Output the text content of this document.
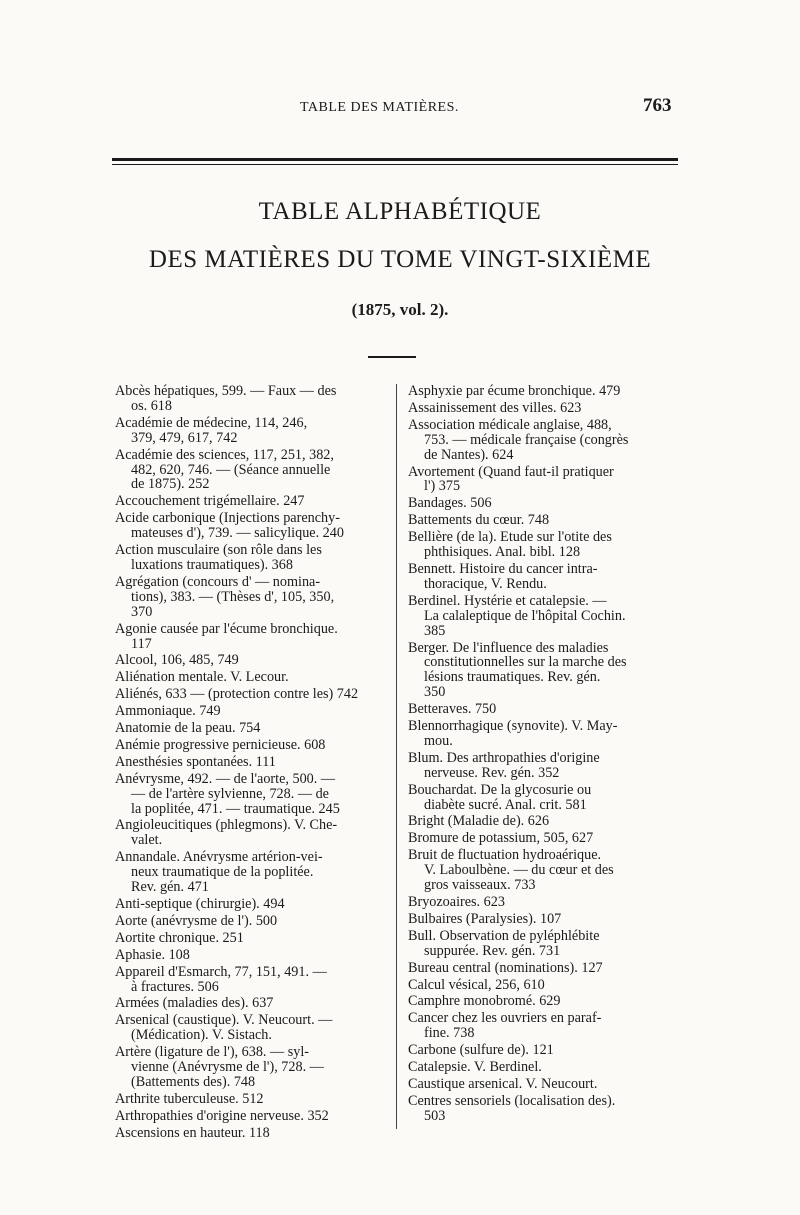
TABLE DES MATIÈRES.	763
TABLE ALPHABÉTIQUE
DES MATIÈRES DU TOME VINGT-SIXIÈME
(1875, vol. 2).
Abcès hépatiques, 599. — Faux — des
os. 618
Académie de médecine, 114, 246,
379, 479, 617, 742
Académie des sciences, 117, 251, 382,
482, 620, 746. — (Séance annuelle
de 1875). 252
Accouchement trigémellaire. 247
Acide carbonique (Injections parenchy-
mateuses d'), 739. — salicylique. 240
Action musculaire (son rôle dans les
luxations traumatiques). 368
Agrégation (concours d' — nomina-
tions), 383. — (Thèses d', 105, 350,
370
Agonie causée par l'écume bronchique.
117
Alcool, 106, 485, 749
Aliénation mentale. V. Lecour.
Aliénés, 633 — (protection contre les) 742
Ammoniaque. 749
Anatomie de la peau. 754
Anémie progressive pernicieuse. 608
Anesthésies spontanées. 111
Anévrysme, 492. — de l'aorte, 500. —
— de l'artère sylvienne, 728. — de
la poplitée, 471. — traumatique. 245
Angioleucitiques (phlegmons). V. Che-
valet.
Annandale. Anévrysme artérion-vei-
neux traumatique de la poplitée.
Rev. gén. 471
Anti-septique (chirurgie). 494
Aorte (anévrysme de l'). 500
Aortite chronique. 251
Aphasie. 108
Appareil d'Esmarch, 77, 151, 491. —
à fractures. 506
Armées (maladies des). 637
Arsenical (caustique). V. Neucourt. —
(Médication). V. Sistach.
Artère (ligature de l'), 638. — syl-
vienne (Anévrysme de l'), 728. —
(Battements des). 748
Arthrite tuberculeuse. 512
Arthropathies d'origine nerveuse. 352
Ascensions en hauteur. 118
Asphyxie par écume bronchique. 479
Assainissement des villes. 623
Association médicale anglaise, 488,
753. — médicale française (congrès
de Nantes). 624
Avortement (Quand faut-il pratiquer
l') 375
Bandages. 506
Battements du cœur. 748
Bellière (de la). Etude sur l'otite des
phthisiques. Anal. bibl. 128
Bennett. Histoire du cancer intra-
thoracique, V. Rendu.
Berdinel. Hystérie et catalepsie. —
La calaleptique de l'hôpital Cochin.
385
Berger. De l'influence des maladies
constitutionnelles sur la marche des
lésions traumatiques. Rev. gén.
350
Betteraves. 750
Blennorrhagique (synovite). V. May-
mou.
Blum. Des arthropathies d'origine
nerveuse. Rev. gén. 352
Bouchardat. De la glycosurie ou
diabète sucré. Anal. crit. 581
Bright (Maladie de). 626
Bromure de potassium, 505, 627
Bruit de fluctuation hydroaérique.
V. Laboulbène. — du cœur et des
gros vaisseaux. 733
Bryozoaires. 623
Bulbaires (Paralysies). 107
Bull. Observation de pyléphlébite
suppurée. Rev. gén. 731
Bureau central (nominations). 127
Calcul vésical, 256, 610
Camphre monobromé. 629
Cancer chez les ouvriers en paraf-
fine. 738
Carbone (sulfure de). 121
Catalepsie. V. Berdinel.
Caustique arsenical. V. Neucourt.
Centres sensoriels (localisation des).
503
